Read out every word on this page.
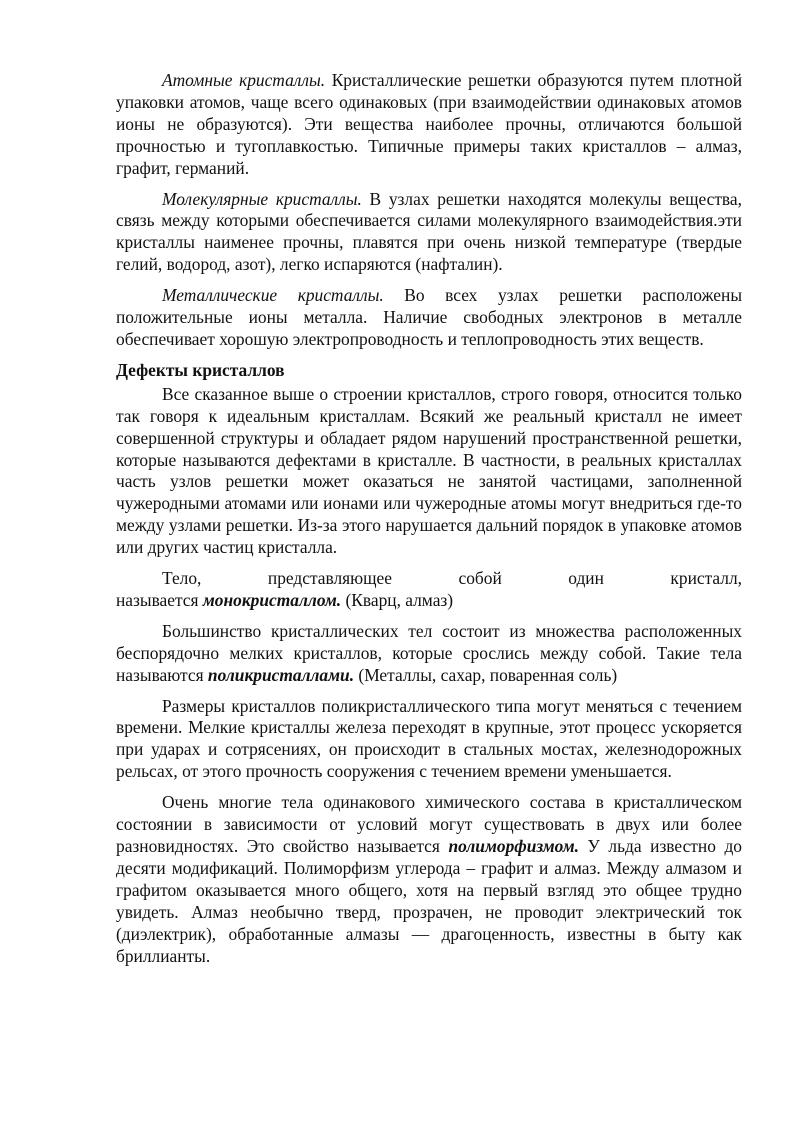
Атомные кристаллы. Кристаллические решетки образуются путем плотной упаковки атомов, чаще всего одинаковых (при взаимодействии одинаковых атомов ионы не образуются). Эти вещества наиболее прочны, отличаются большой прочностью и тугоплавкостью. Типичные примеры таких кристаллов – алмаз, графит, германий.

Молекулярные кристаллы. В узлах решетки находятся молекулы вещества, связь между которыми обеспечивается силами молекулярного взаимодействия.эти кристаллы наименее прочны, плавятся при очень низкой температуре (твердые гелий, водород, азот), легко испаряются (нафталин).

Металлические кристаллы. Во всех узлах решетки расположены положительные ионы металла. Наличие свободных электронов в металле обеспечивает хорошую электропроводность и теплопроводность этих веществ.

Дефекты кристаллов

Все сказанное выше о строении кристаллов, строго говоря, относится только так говоря к идеальным кристаллам. Всякий же реальный кристалл не имеет совершенной структуры и обладает рядом нарушений пространственной решетки, которые называются дефектами в кристалле. В частности, в реальных кристаллах часть узлов решетки может оказаться не занятой частицами, заполненной чужеродными атомами или ионами или чужеродные атомы могут внедриться где-то между узлами решетки. Из-за этого нарушается дальний порядок в упаковке атомов или других частиц кристалла.

Тело, представляющее собой один кристалл,

называется монокристаллом. (Кварц, алмаз)

Большинство кристаллических тел состоит из множества расположенных беспорядочно мелких кристаллов, которые срослись между собой. Такие тела называются поликристаллами. (Металлы, сахар, поваренная соль)

Размеры кристаллов поликристаллического типа могут меняться с течением времени. Мелкие кристаллы железа переходят в крупные, этот процесс ускоряется при ударах и сотрясениях, он происходит в стальных мостах, железнодорожных рельсах, от этого прочность сооружения с течением времени уменьшается.

Очень многие тела одинакового химического состава в кристаллическом состоянии в зависимости от условий могут существовать в двух или более разновидностях. Это свойство называется полиморфизмом. У льда известно до десяти модификаций. Полиморфизм углерода – графит и алмаз. Между алмазом и графитом оказывается много общего, хотя на первый взгляд это общее трудно увидеть. Алмаз необычно тверд, прозрачен, не проводит электрический ток (диэлектрик), обработанные алмазы — драгоценность, известны в быту как бриллианты.
